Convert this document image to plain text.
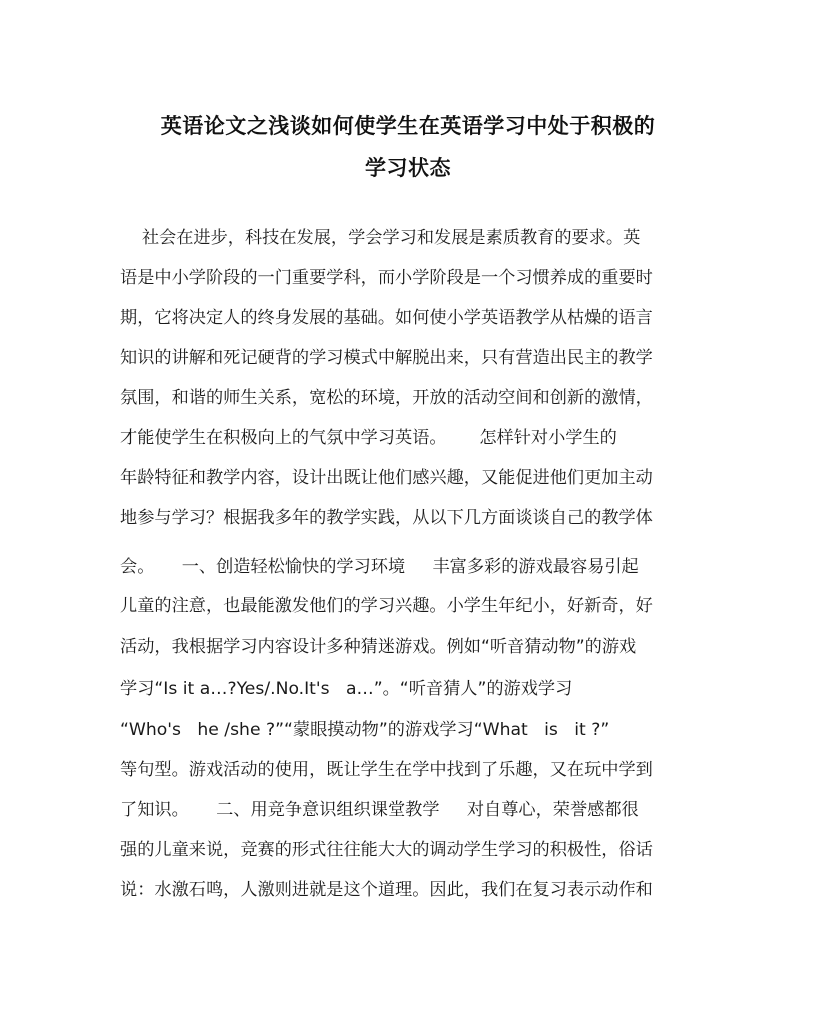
英语论文之浅谈如何使学生在英语学习中处于积极的
学习状态
社会在进步，科技在发展，学会学习和发展是素质教育的要求。英
语是中小学阶段的一门重要学科，而小学阶段是一个习惯养成的重要时
期，它将决定人的终身发展的基础。如何使小学英语教学从枯燥的语言
知识的讲解和死记硬背的学习模式中解脱出来，只有营造出民主的教学
氛围，和谐的师生关系，宽松的环境，开放的活动空间和创新的激情，
才能使学生在积极向上的气氛中学习英语。      怎样针对小学生的
年龄特征和教学内容，设计出既让他们感兴趣，又能促进他们更加主动
地参与学习？根据我多年的教学实践，从以下几方面谈谈自己的教学体
会。     一、创造轻松愉快的学习环境     丰富多彩的游戏最容易引起
儿童的注意，也最能激发他们的学习兴趣。小学生年纪小，好新奇，好
活动，我根据学习内容设计多种猜迷游戏。例如“听音猜动物”的游戏
学习“Is it a…?Yes/.No.It's   a…”。“听音猜人”的游戏学习
“Who's   he /she ?”“蒙眼摸动物”的游戏学习“What   is   it ?”
等句型。游戏活动的使用，既让学生在学中找到了乐趣，又在玩中学到
了知识。     二、用竞争意识组织课堂教学     对自尊心，荣誉感都很
强的儿童来说，竞赛的形式往往能大大的调动学生学习的积极性，俗话
说：水激石鸣，人激则进就是这个道理。因此，我们在复习表示动作和
